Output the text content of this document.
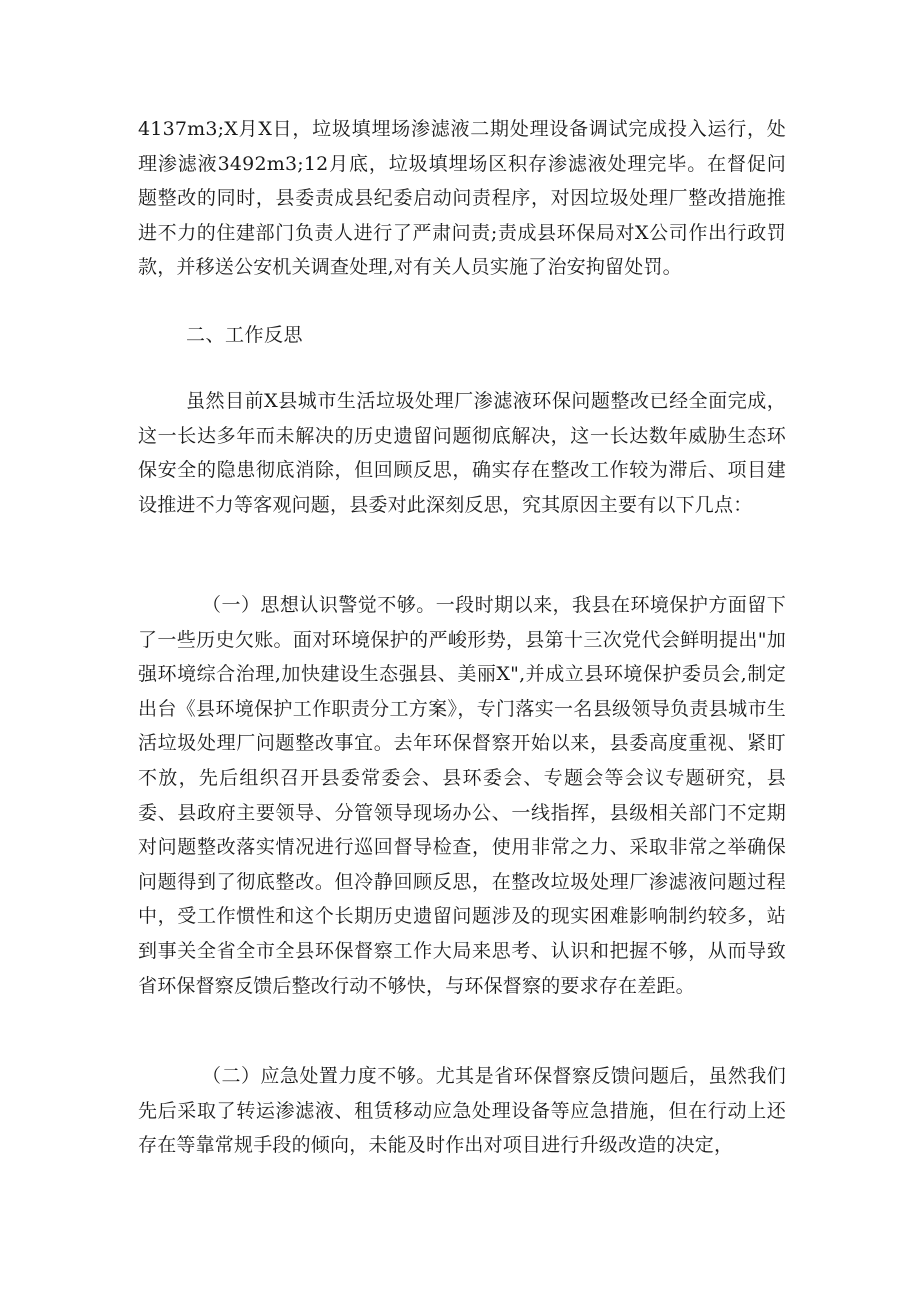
4137m3;X月X日，垃圾填埋场渗滤液二期处理设备调试完成投入运行，处理渗滤液3492m3;12月底，垃圾填埋场区积存渗滤液处理完毕。在督促问题整改的同时，县委责成县纪委启动问责程序，对因垃圾处理厂整改措施推进不力的住建部门负责人进行了严肃问责;责成县环保局对X公司作出行政罚款，并移送公安机关调查处理,对有关人员实施了治安拘留处罚。

二、工作反思

虽然目前X县城市生活垃圾处理厂渗滤液环保问题整改已经全面完成，这一长达多年而未解决的历史遗留问题彻底解决，这一长达数年威胁生态环保安全的隐患彻底消除，但回顾反思，确实存在整改工作较为滞后、项目建设推进不力等客观问题，县委对此深刻反思，究其原因主要有以下几点：

（一）思想认识警觉不够。一段时期以来，我县在环境保护方面留下了一些历史欠账。面对环境保护的严峻形势，县第十三次党代会鲜明提出"加强环境综合治理,加快建设生态强县、美丽X",并成立县环境保护委员会,制定出台《县环境保护工作职责分工方案》，专门落实一名县级领导负责县城市生活垃圾处理厂问题整改事宜。去年环保督察开始以来，县委高度重视、紧盯不放，先后组织召开县委常委会、县环委会、专题会等会议专题研究，县委、县政府主要领导、分管领导现场办公、一线指挥，县级相关部门不定期对问题整改落实情况进行巡回督导检查，使用非常之力、采取非常之举确保问题得到了彻底整改。但冷静回顾反思，在整改垃圾处理厂渗滤液问题过程中，受工作惯性和这个长期历史遗留问题涉及的现实困难影响制约较多，站到事关全省全市全县环保督察工作大局来思考、认识和把握不够，从而导致省环保督察反馈后整改行动不够快，与环保督察的要求存在差距。

（二）应急处置力度不够。尤其是省环保督察反馈问题后，虽然我们先后采取了转运渗滤液、租赁移动应急处理设备等应急措施，但在行动上还存在等靠常规手段的倾向，未能及时作出对项目进行升级改造的决定，
